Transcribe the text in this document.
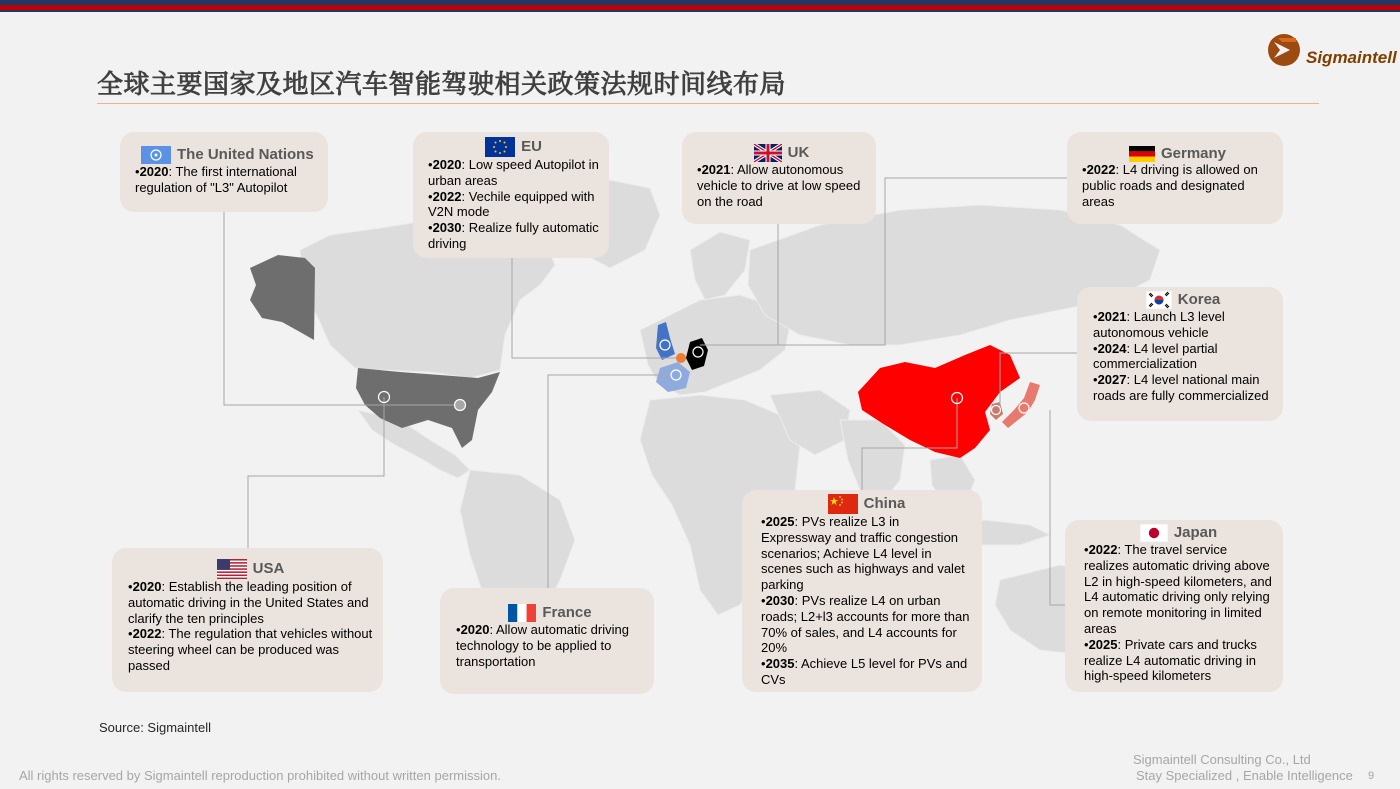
全球主要国家及地区汽车智能驾驶相关政策法规时间线布局
Sigmaintell
The United Nations

•2020: The first international regulation of "L3" Autopilot

EU

•2020: Low speed Autopilot in urban areas

•2022: Vechile equipped with V2N mode

•2030: Realize fully automatic driving

UK

•2021: Allow autonomous vehicle to drive at low speed on the road

Germany

•2022: L4 driving is allowed on public roads and designated areas

Korea

•2021: Launch L3 level autonomous vehicle

•2024: L4 level partial commercialization

•2027: L4 level national main roads are fully commercialized

USA

•2020: Establish the leading position of automatic driving in the United States and clarify the ten principles

•2022: The regulation that vehicles without steering wheel can be produced was passed

France

•2020: Allow automatic driving technology to be applied to transportation

China

•2025: PVs realize L3 in Expressway and traffic congestion scenarios; Achieve L4 level in scenes such as highways and valet parking

•2030: PVs realize L4 on urban roads; L2+l3 accounts for more than 70% of sales, and L4 accounts for 20%

•2035: Achieve L5 level for PVs and CVs

Japan

•2022: The travel service realizes automatic driving above L2 in high-speed kilometers, and L4 automatic driving only relying on remote monitoring in limited areas

•2025: Private cars and trucks realize L4 automatic driving in high-speed kilometers

Source: Sigmaintell
All rights reserved by Sigmaintell reproduction prohibited without written permission.
Sigmaintell Consulting Co., Ltd
Stay Specialized , Enable Intelligence 9
